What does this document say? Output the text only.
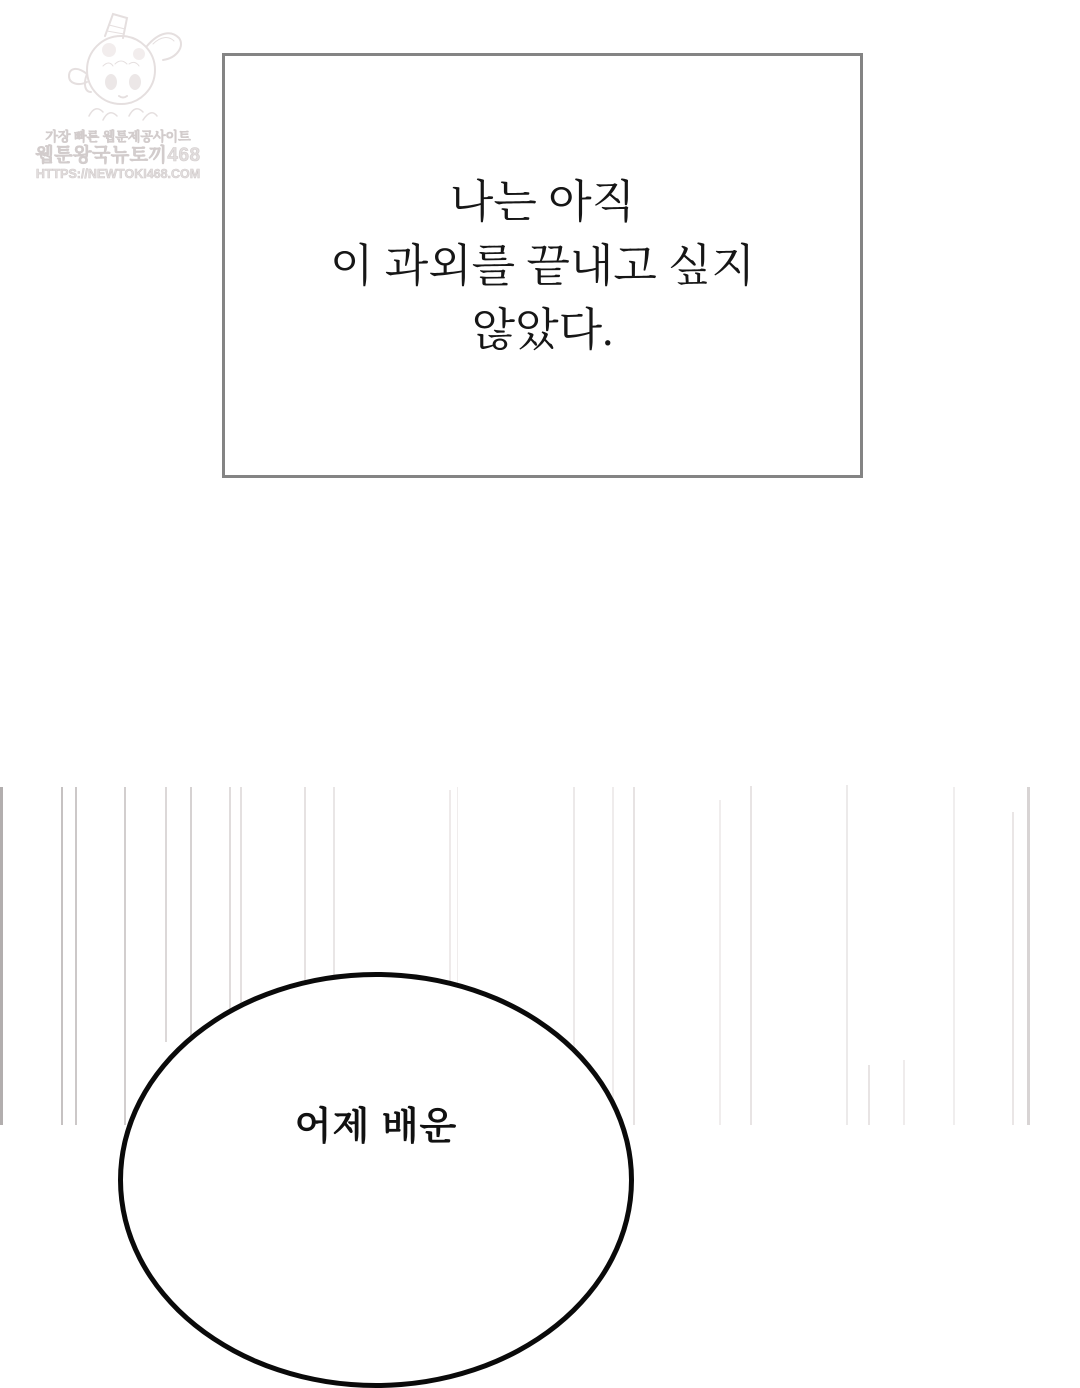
가장 빠른 웹툰제공사이트
웹툰왕국뉴토끼468
HTTPS://NEWTOKI468.COM
나는 아직
이 과외를 끝내고 싶지
않았다.
어제 배운
